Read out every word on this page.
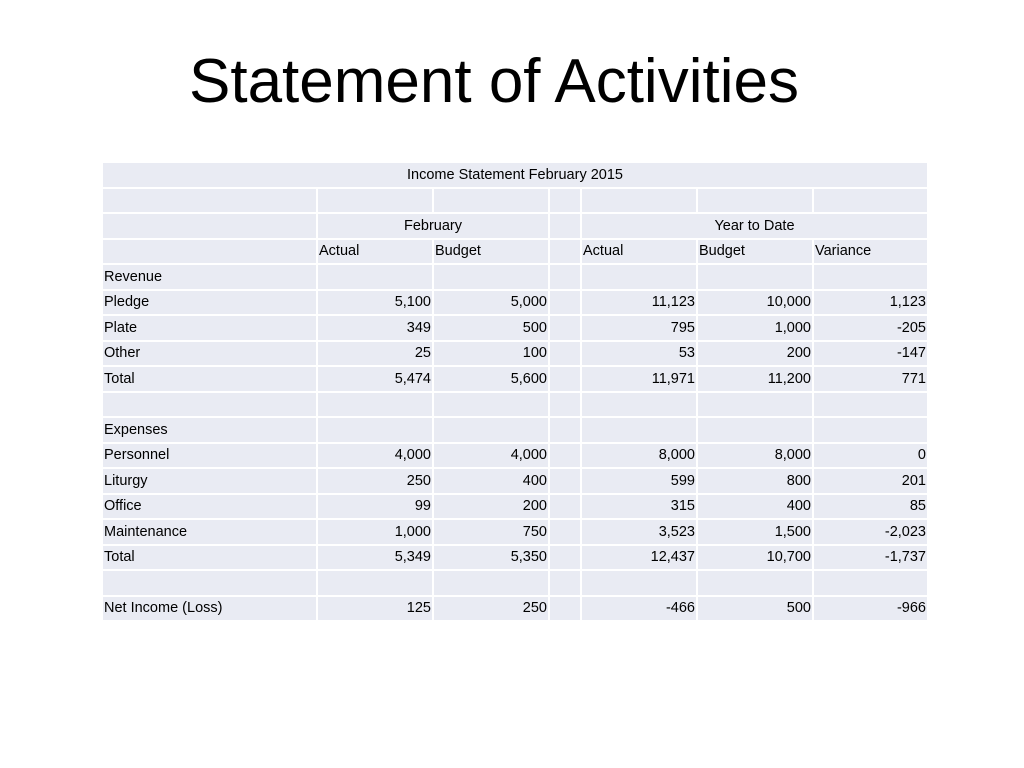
Statement of Activities
Income Statement February 2015						

	February			Year to Date		
	Actual	Budget		Actual	Budget	Variance
Revenue						
Pledge	5,100	5,000		11,123	10,000	1,123
Plate	349	500		795	1,000	-205
Other	25	100		53	200	-147
Total	5,474	5,600		11,971	11,200	771

Expenses						
Personnel	4,000	4,000		8,000	8,000	0
Liturgy	250	400		599	800	201
Office	99	200		315	400	85
Maintenance	1,000	750		3,523	1,500	-2,023
Total	5,349	5,350		12,437	10,700	-1,737

Net Income (Loss)	125	250		-466	500	-966
